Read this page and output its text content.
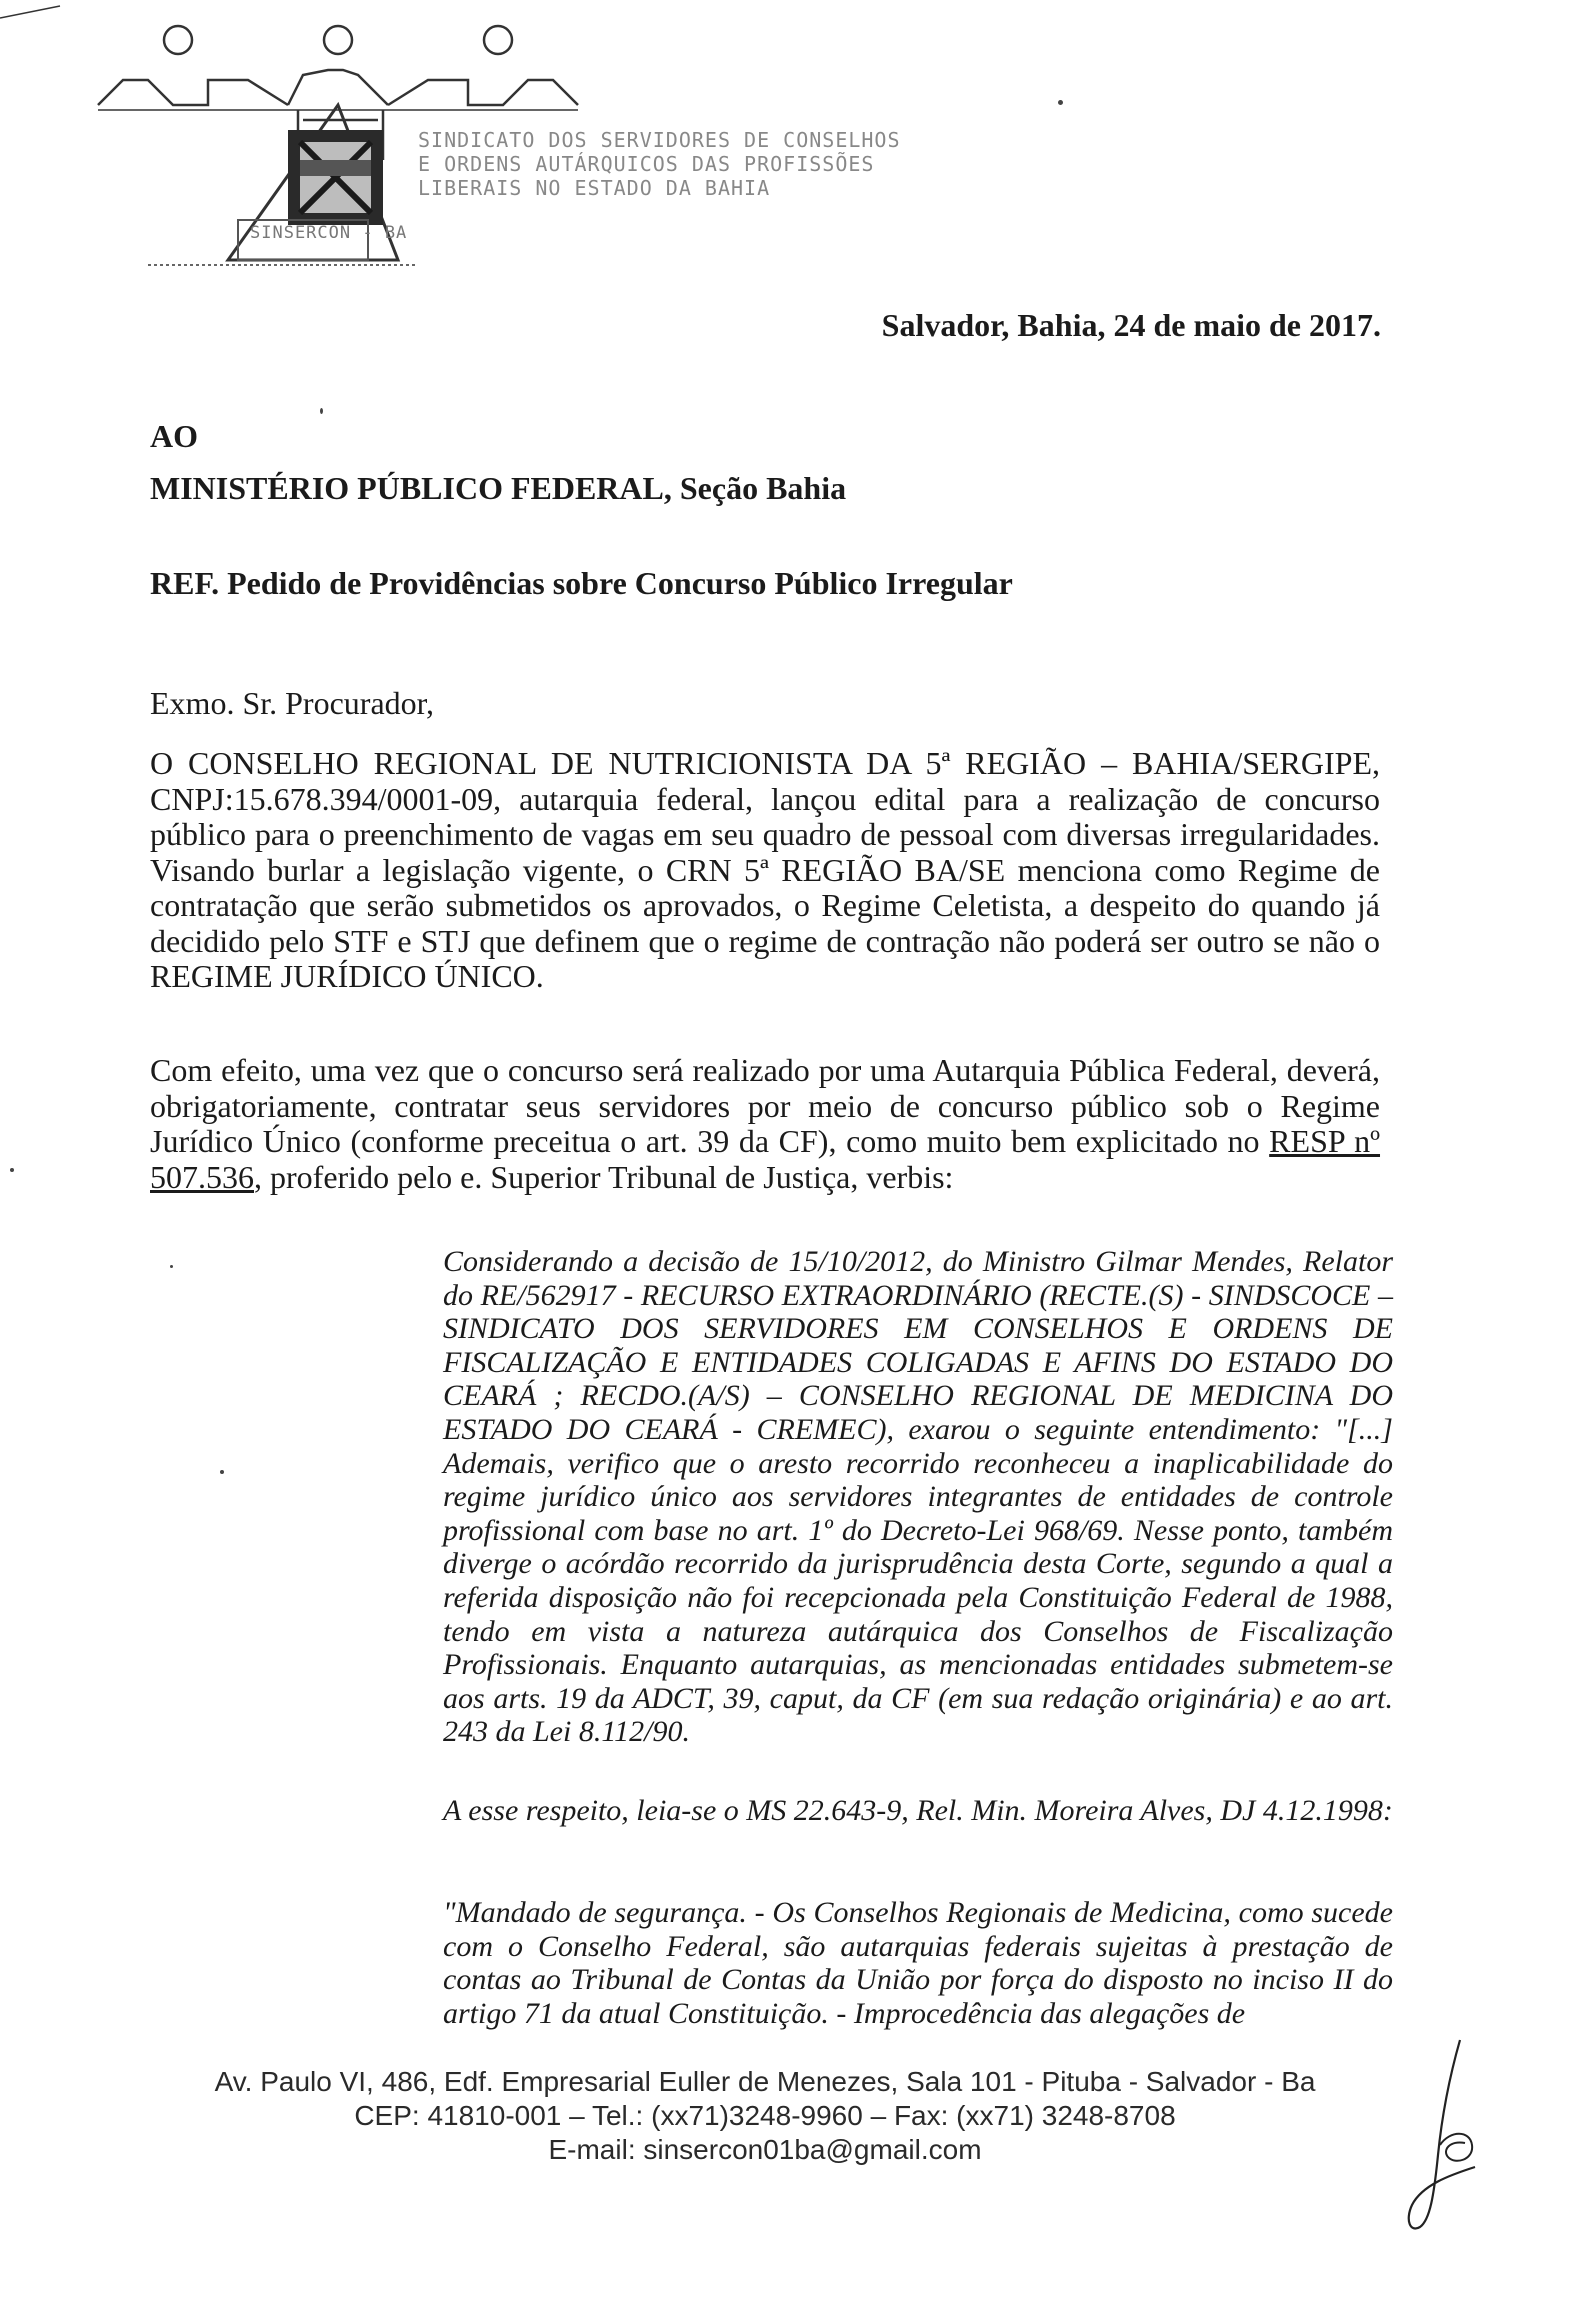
SINDICATO DOS SERVIDORES DE CONSELHOS
E ORDENS AUTÁRQUICOS DAS PROFISSÕES
LIBERAIS NO ESTADO DA BAHIA
SINSERCON - BA
Salvador, Bahia, 24 de maio de 2017.
AO
MINISTÉRIO PÚBLICO FEDERAL, Seção Bahia
REF. Pedido de Providências sobre Concurso Público Irregular
Exmo. Sr. Procurador,
O CONSELHO REGIONAL DE NUTRICIONISTA DA 5ª REGIÃO – BAHIA/SERGIPE, CNPJ:15.678.394/0001-09, autarquia federal, lançou edital para a realização de concurso público para o preenchimento de vagas em seu quadro de pessoal com diversas irregularidades. Visando burlar a legislação vigente, o CRN 5ª REGIÃO BA/SE menciona como Regime de contratação que serão submetidos os aprovados, o Regime Celetista, a despeito do quando já decidido pelo STF e STJ que definem que o regime de contração não poderá ser outro se não o REGIME JURÍDICO ÚNICO.
Com efeito, uma vez que o concurso será realizado por uma Autarquia Pública Federal, deverá, obrigatoriamente, contratar seus servidores por meio de concurso público sob o Regime Jurídico Único (conforme preceitua o art. 39 da CF), como muito bem explicitado no RESP nº 507.536, proferido pelo e. Superior Tribunal de Justiça, verbis:
Considerando a decisão de 15/10/2012, do Ministro Gilmar Mendes, Relator do RE/562917 - RECURSO EXTRAORDINÁRIO (RECTE.(S) - SINDSCOCE – SINDICATO DOS SERVIDORES EM CONSELHOS E ORDENS DE FISCALIZAÇÃO E ENTIDADES COLIGADAS E AFINS DO ESTADO DO CEARÁ ; RECDO.(A/S) – CONSELHO REGIONAL DE MEDICINA DO ESTADO DO CEARÁ - CREMEC), exarou o seguinte entendimento: "[...] Ademais, verifico que o aresto recorrido reconheceu a inaplicabilidade do regime jurídico único aos servidores integrantes de entidades de controle profissional com base no art. 1º do Decreto-Lei 968/69. Nesse ponto, também diverge o acórdão recorrido da jurisprudência desta Corte, segundo a qual a referida disposição não foi recepcionada pela Constituição Federal de 1988, tendo em vista a natureza autárquica dos Conselhos de Fiscalização Profissionais. Enquanto autarquias, as mencionadas entidades submetem-se aos arts. 19 da ADCT, 39, caput, da CF (em sua redação originária) e ao art. 243 da Lei 8.112/90.
A esse respeito, leia-se o MS 22.643-9, Rel. Min. Moreira Alves, DJ 4.12.1998:
"Mandado de segurança. - Os Conselhos Regionais de Medicina, como sucede com o Conselho Federal, são autarquias federais sujeitas à prestação de contas ao Tribunal de Contas da União por força do disposto no inciso II do artigo 71 da atual Constituição. - Improcedência das alegações de
Av. Paulo VI, 486, Edf. Empresarial Euller de Menezes, Sala 101 - Pituba - Salvador - Ba
CEP: 41810-001 – Tel.: (xx71)3248-9960 – Fax: (xx71) 3248-8708
E-mail: sinsercon01ba@gmail.com
